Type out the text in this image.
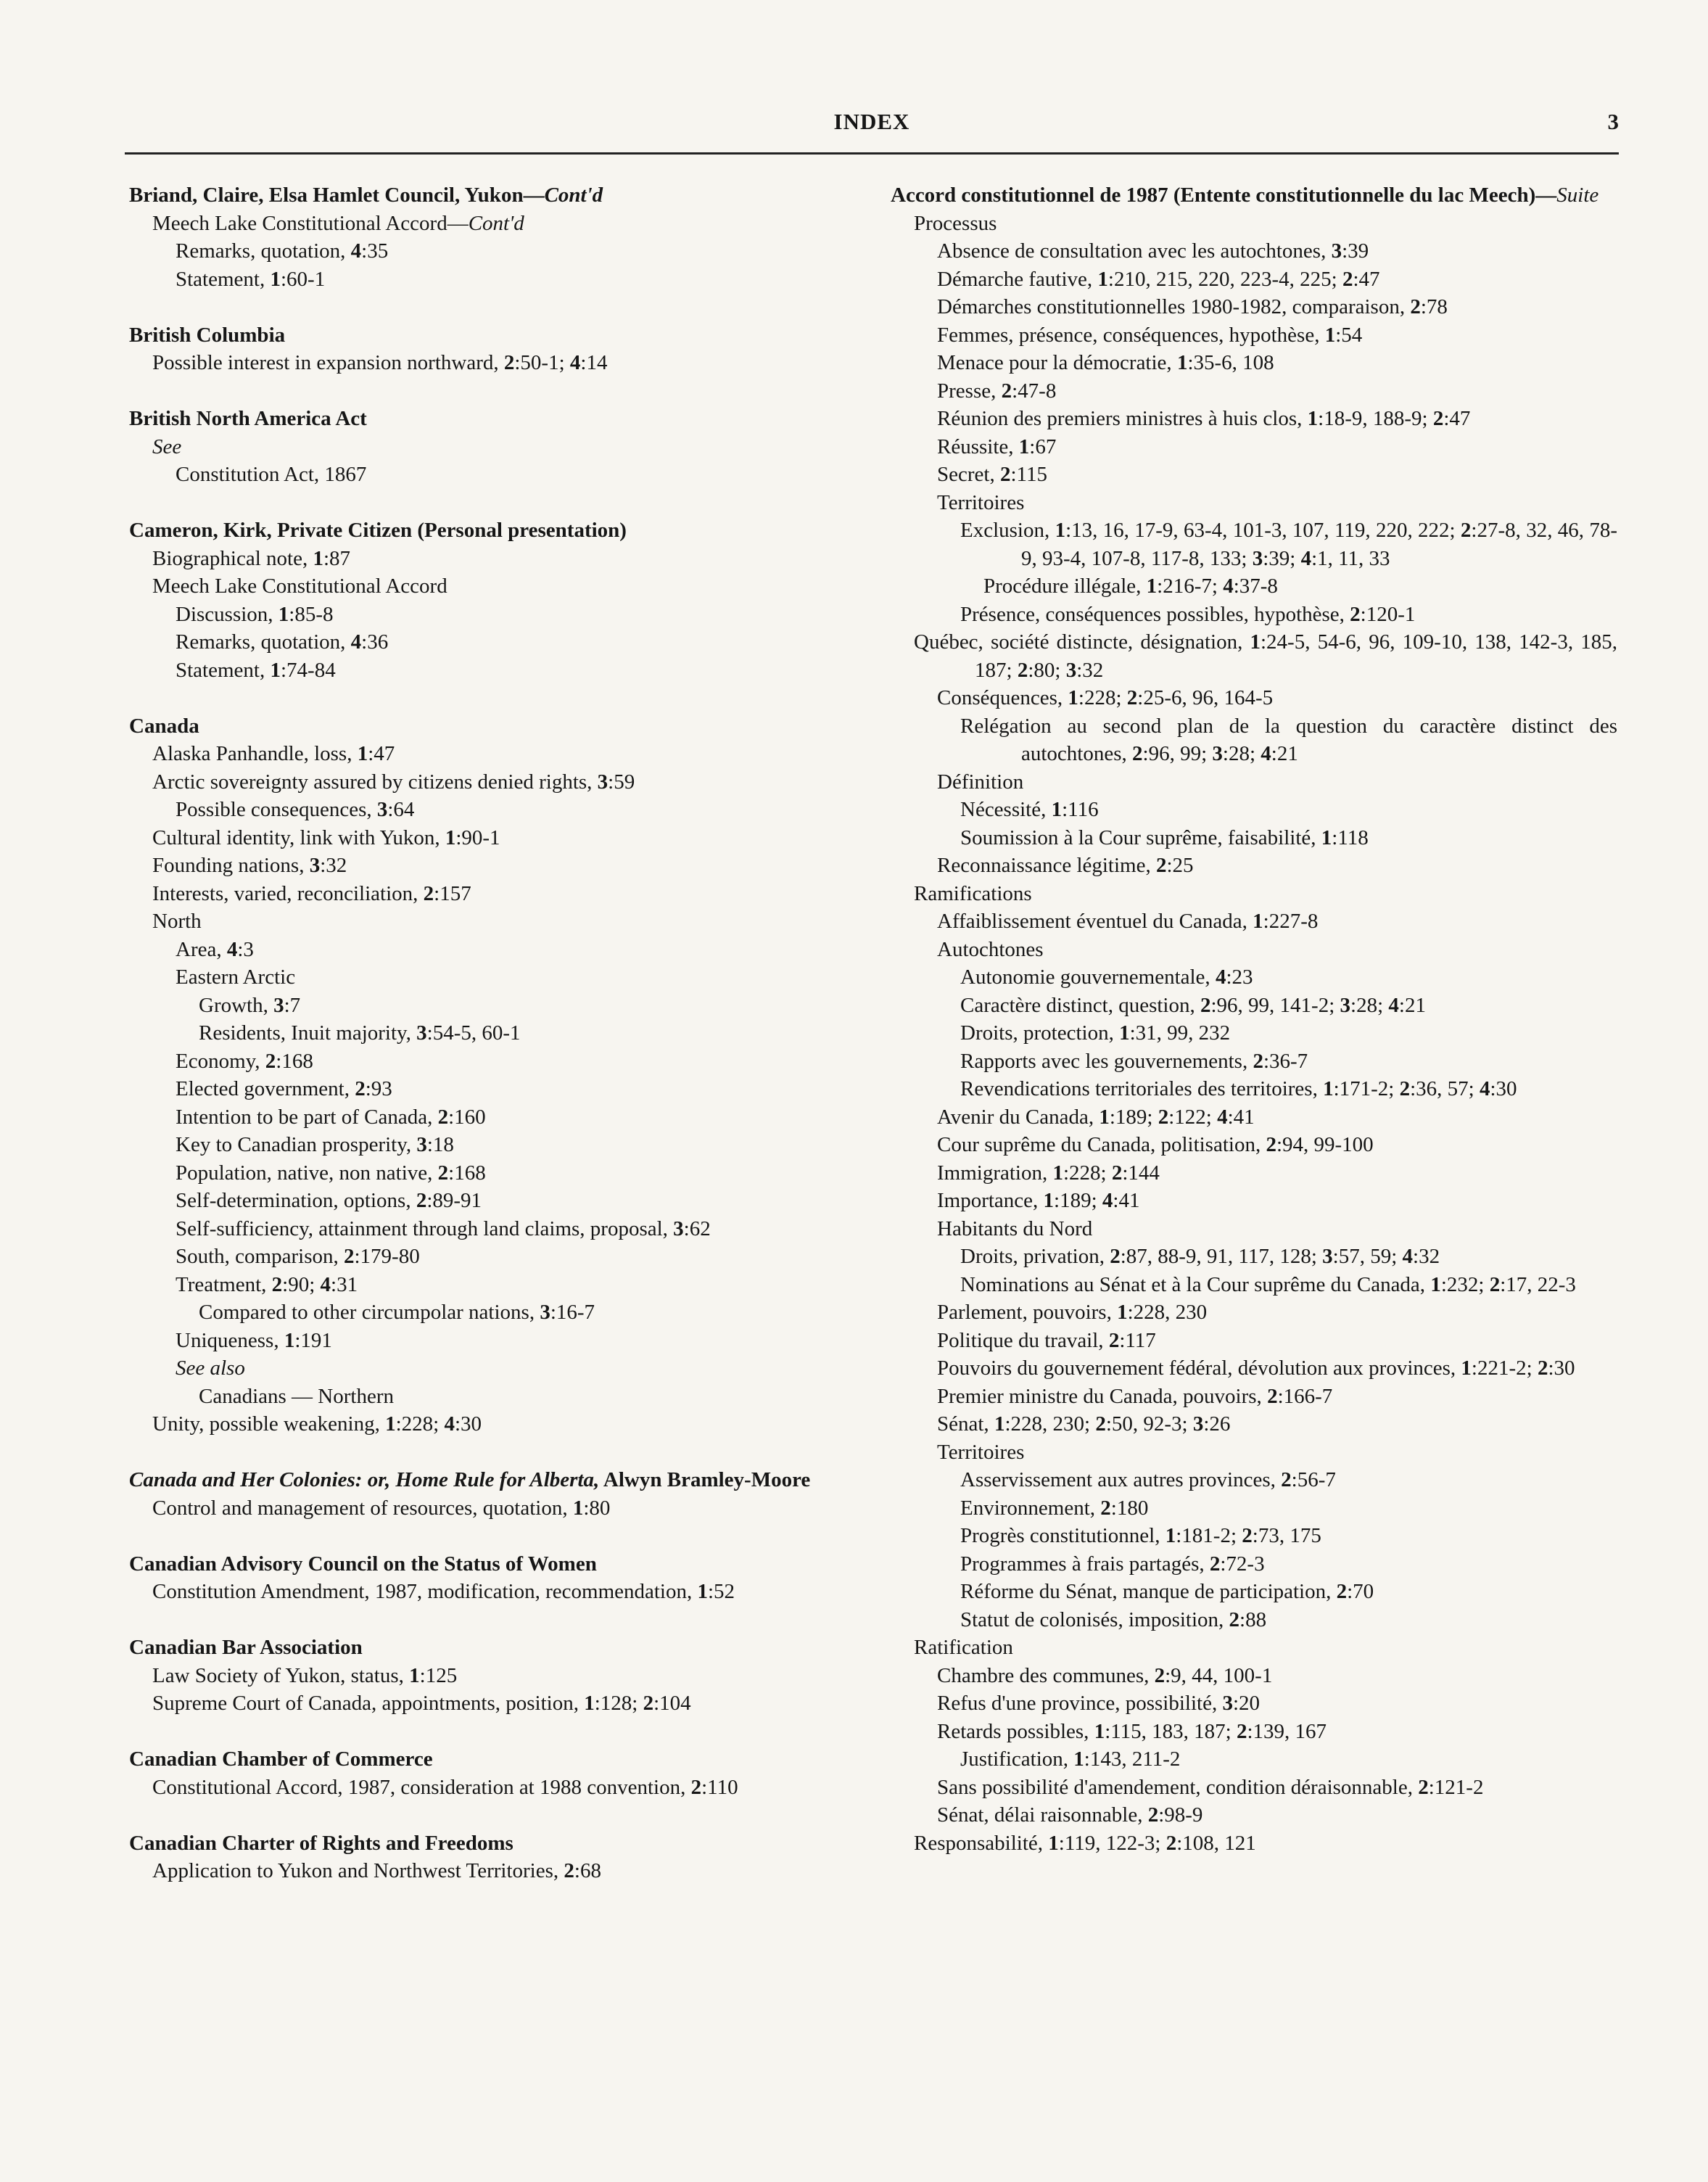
INDEX	3
Briand, Claire, Elsa Hamlet Council, Yukon—Cont'd
Meech Lake Constitutional Accord—Cont'd
Remarks, quotation, 4:35
Statement, 1:60-1
British Columbia
Possible interest in expansion northward, 2:50-1; 4:14
British North America Act
See
Constitution Act, 1867
Cameron, Kirk, Private Citizen (Personal presentation)
Biographical note, 1:87
Meech Lake Constitutional Accord
Discussion, 1:85-8
Remarks, quotation, 4:36
Statement, 1:74-84
Canada
Alaska Panhandle, loss, 1:47
Arctic sovereignty assured by citizens denied rights, 3:59
Possible consequences, 3:64
Cultural identity, link with Yukon, 1:90-1
Founding nations, 3:32
Interests, varied, reconciliation, 2:157
North
Area, 4:3
Eastern Arctic
Growth, 3:7
Residents, Inuit majority, 3:54-5, 60-1
Economy, 2:168
Elected government, 2:93
Intention to be part of Canada, 2:160
Key to Canadian prosperity, 3:18
Population, native, non native, 2:168
Self-determination, options, 2:89-91
Self-sufficiency, attainment through land claims, proposal, 3:62
South, comparison, 2:179-80
Treatment, 2:90; 4:31
Compared to other circumpolar nations, 3:16-7
Uniqueness, 1:191
See also
Canadians — Northern
Unity, possible weakening, 1:228; 4:30
Canada and Her Colonies: or, Home Rule for Alberta, Alwyn Bramley-Moore
Control and management of resources, quotation, 1:80
Canadian Advisory Council on the Status of Women
Constitution Amendment, 1987, modification, recommendation, 1:52
Canadian Bar Association
Law Society of Yukon, status, 1:125
Supreme Court of Canada, appointments, position, 1:128; 2:104
Canadian Chamber of Commerce
Constitutional Accord, 1987, consideration at 1988 convention, 2:110
Canadian Charter of Rights and Freedoms
Application to Yukon and Northwest Territories, 2:68
Accord constitutionnel de 1987 (Entente constitutionnelle du lac Meech)—Suite
Processus
Absence de consultation avec les autochtones, 3:39
Démarche fautive, 1:210, 215, 220, 223-4, 225; 2:47
Démarches constitutionnelles 1980-1982, comparaison, 2:78
Femmes, présence, conséquences, hypothèse, 1:54
Menace pour la démocratie, 1:35-6, 108
Presse, 2:47-8
Réunion des premiers ministres à huis clos, 1:18-9, 188-9; 2:47
Réussite, 1:67
Secret, 2:115
Territoires
Exclusion, 1:13, 16, 17-9, 63-4, 101-3, 107, 119, 220, 222; 2:27-8, 32, 46, 78-9, 93-4, 107-8, 117-8, 133; 3:39; 4:1, 11, 33
Procédure illégale, 1:216-7; 4:37-8
Présence, conséquences possibles, hypothèse, 2:120-1
Québec, société distincte, désignation, 1:24-5, 54-6, 96, 109-10, 138, 142-3, 185, 187; 2:80; 3:32
Conséquences, 1:228; 2:25-6, 96, 164-5
Relégation au second plan de la question du caractère distinct des autochtones, 2:96, 99; 3:28; 4:21
Définition
Nécessité, 1:116
Soumission à la Cour suprême, faisabilité, 1:118
Reconnaissance légitime, 2:25
Ramifications
Affaiblissement éventuel du Canada, 1:227-8
Autochtones
Autonomie gouvernementale, 4:23
Caractère distinct, question, 2:96, 99, 141-2; 3:28; 4:21
Droits, protection, 1:31, 99, 232
Rapports avec les gouvernements, 2:36-7
Revendications territoriales des territoires, 1:171-2; 2:36, 57; 4:30
Avenir du Canada, 1:189; 2:122; 4:41
Cour suprême du Canada, politisation, 2:94, 99-100
Immigration, 1:228; 2:144
Importance, 1:189; 4:41
Habitants du Nord
Droits, privation, 2:87, 88-9, 91, 117, 128; 3:57, 59; 4:32
Nominations au Sénat et à la Cour suprême du Canada, 1:232; 2:17, 22-3
Parlement, pouvoirs, 1:228, 230
Politique du travail, 2:117
Pouvoirs du gouvernement fédéral, dévolution aux provinces, 1:221-2; 2:30
Premier ministre du Canada, pouvoirs, 2:166-7
Sénat, 1:228, 230; 2:50, 92-3; 3:26
Territoires
Asservissement aux autres provinces, 2:56-7
Environnement, 2:180
Progrès constitutionnel, 1:181-2; 2:73, 175
Programmes à frais partagés, 2:72-3
Réforme du Sénat, manque de participation, 2:70
Statut de colonisés, imposition, 2:88
Ratification
Chambre des communes, 2:9, 44, 100-1
Refus d'une province, possibilité, 3:20
Retards possibles, 1:115, 183, 187; 2:139, 167
Justification, 1:143, 211-2
Sans possibilité d'amendement, condition déraisonnable, 2:121-2
Sénat, délai raisonnable, 2:98-9
Responsabilité, 1:119, 122-3; 2:108, 121
